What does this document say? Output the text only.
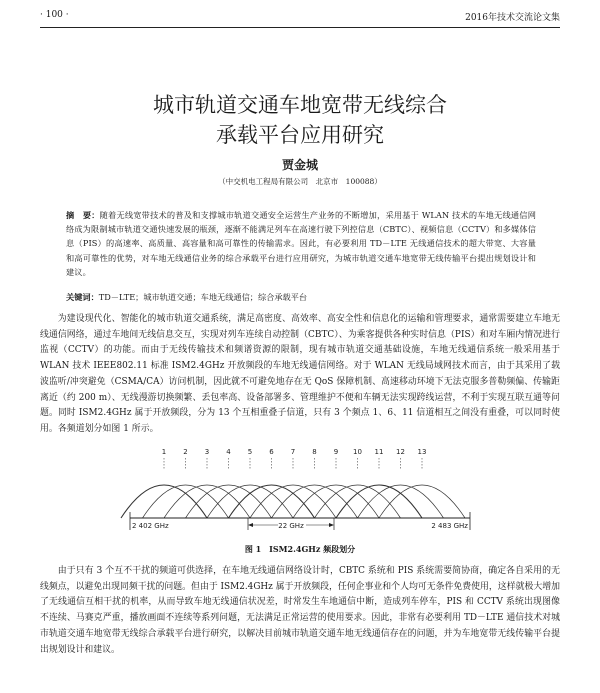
· 100 ·	2016年技术交流论文集
城市轨道交通车地宽带无线综合
承载平台应用研究
贾金城
（中交机电工程局有限公司　北京市　100088）
摘　要：随着无线宽带技术的普及和支撑城市轨道交通安全运营生产业务的不断增加，采用基于 WLAN 技术的车地无线通信网络成为限制城市轨道交通快速发展的瓶颈，逐渐不能满足列车在高速行驶下列控信息（CBTC）、视频信息（CCTV）和多媒体信息（PIS）的高速率、高质量、高容量和高可靠性的传输需求。因此，有必要利用 TD－LTE 无线通信技术的超大带宽、大容量和高可靠性的优势，对车地无线通信业务的综合承载平台进行应用研究，为城市轨道交通车地宽带无线传输平台提出规划设计和建议。
关键词：TD－LTE；城市轨道交通；车地无线通信；综合承载平台

为建设现代化、智能化的城市轨道交通系统，满足高密度、高效率、高安全性和信息化的运输和管理要求，通常需要建立车地无线通信网络，通过车地间无线信息交互，实现对列车连续自动控制（CBTC）、为乘客提供各种实时信息（PIS）和对车厢内情况进行监视（CCTV）的功能。而由于无线传输技术和频谱资源的限制，现有城市轨道交通基础设施，车地无线通信系统一般采用基于 WLAN 技术 IEEE802.11 标准 ISM2.4GHz 开放频段的车地无线通信网络。对于 WLAN 无线局域网技术而言，由于其采用了载波监听/冲突避免（CSMA/CA）访问机制，因此就不可避免地存在无 QoS 保障机制、高速移动环境下无法克服多普勒频偏、传输距离近（约 200 m）、无线漫游切换频繁、丢包率高、设备部署多、管理维护不便和车辆无法实现跨线运营，不利于实现互联互通等问题。同时 ISM2.4GHz 属于开放频段，分为 13 个互相重叠子信道，只有 3 个频点 1、6、11 信道相互之间没有重叠，可以同时使用。各频道划分如图 1 所示。

1 2 3 4 5 6 7 8 9 10 11 12 13
22 GHz
2 402 GHz	2 483 GHz
图 1　ISM2.4GHz 频段划分

由于只有 3 个互不干扰的频道可供选择，在车地无线通信网络设计时，CBTC 系统和 PIS 系统需要简协商，确定各自采用的无线频点，以避免出现同频干扰的问题。但由于 ISM2.4GHz 属于开放频段，任何企事业和个人均可无条件免费使用，这样就极大增加了无线通信互相干扰的机率，从而导致车地无线通信状况差，时常发生车地通信中断，造成列车停车，PIS 和 CCTV 系统出现图像不连续、马赛克严重，播放画面不连续等系列问题，无法满足正常运营的使用要求。因此，非常有必要利用 TD－LTE 通信技术对城市轨道交通车地宽带无线综合承载平台进行研究，以解决目前城市轨道交通车地无线通信存在的问题，并为车地宽带无线传输平台提出规划设计和建议。
